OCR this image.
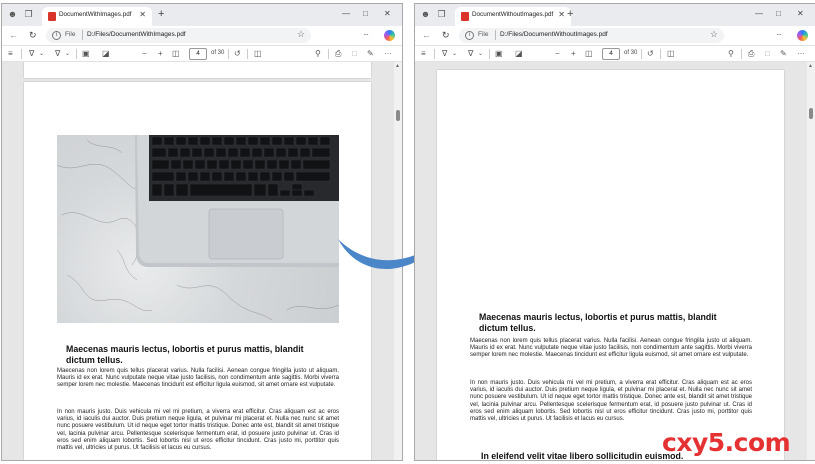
☻ ❐	DocumentWithImages.pdf ✕ +	— □ ✕
← ↻	i	File D:/Files/DocumentWithImages.pdf	☆	···
≡ ∇ ⌄ ∇ ⌄ ▣ ◪	− + ◫	4	of 30 ↺ ◫	⚲ ⎙ □ ✎ ···
Maecenas mauris lectus, lobortis et purus mattis, blandit dictum tellus.
Maecenas non lorem quis tellus placerat varius. Nulla facilisi. Aenean congue fringilla justo ut aliquam. Mauris id ex erat. Nunc vulputate neque vitae justo facilisis, non condimentum ante sagittis. Morbi viverra semper lorem nec molestie. Maecenas tincidunt est efficitur ligula euismod, sit amet ornare est vulputate.
In non mauris justo. Duis vehicula mi vel mi pretium, a viverra erat efficitur. Cras aliquam est ac eros varius, id iaculis dui auctor. Duis pretium neque ligula, et pulvinar mi placerat et. Nulla nec nunc sit amet nunc posuere vestibulum. Ut id neque eget tortor mattis tristique. Donec ante est, blandit sit amet tristique vel, lacinia pulvinar arcu. Pellentesque scelerisque fermentum erat, id posuere justo pulvinar ut. Cras id eros sed enim aliquam lobortis. Sed lobortis nisl ut eros efficitur tincidunt. Cras justo mi, porttitor quis mattis vel, ultricies ut purus. Ut facilisis et lacus eu cursus.
▲
☻ ❐	DocumentWithoutImages.pdf ✕ +	— □ ✕
← ↻	i	File D:/Files/DocumentWithoutImages.pdf	☆	···
≡ ∇ ⌄ ∇ ⌄ ▣ ◪	− + ◫	4	of 30 ↺ ◫	⚲ ⎙ □ ✎ ···
Maecenas mauris lectus, lobortis et purus mattis, blandit dictum tellus.
Maecenas non lorem quis tellus placerat varius. Nulla facilisi. Aenean congue fringilla justo ut aliquam. Mauris id ex erat. Nunc vulputate neque vitae justo facilisis, non condimentum ante sagittis. Morbi viverra semper lorem nec molestie. Maecenas tincidunt est efficitur ligula euismod, sit amet ornare est vulputate.
In non mauris justo. Duis vehicula mi vel mi pretium, a viverra erat efficitur. Cras aliquam est ac eros varius, id iaculis dui auctor. Duis pretium neque ligula, et pulvinar mi placerat et. Nulla nec nunc sit amet nunc posuere vestibulum. Ut id neque eget tortor mattis tristique. Donec ante est, blandit sit amet tristique vel, lacinia pulvinar arcu. Pellentesque scelerisque fermentum erat, id posuere justo pulvinar ut. Cras id eros sed enim aliquam lobortis. Sed lobortis nisl ut eros efficitur tincidunt. Cras justo mi, porttitor quis mattis vel, ultricies ut purus. Ut facilisis et lacus eu cursus.
In eleifend velit vitae libero sollicitudin euismod.
▲
cxy5.com
